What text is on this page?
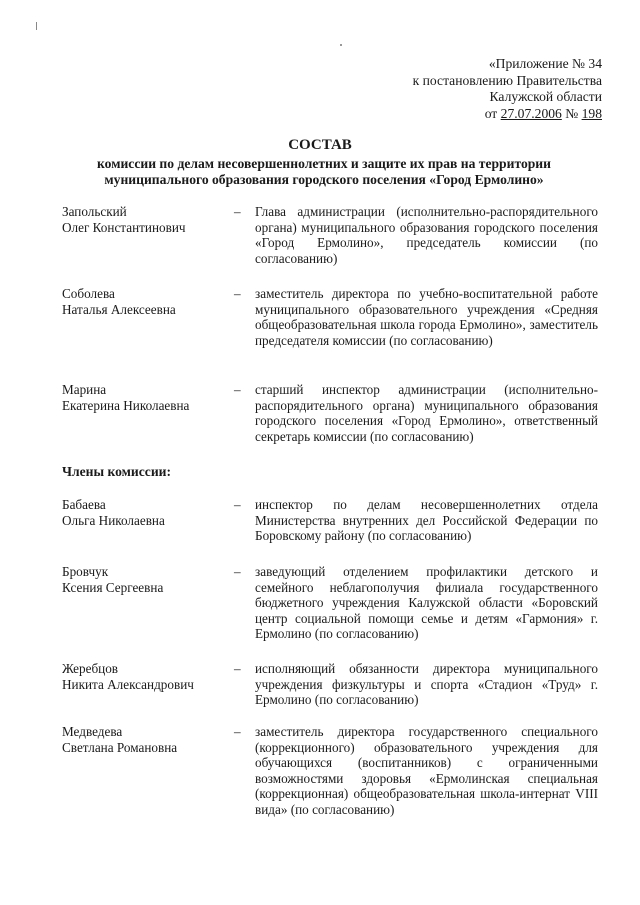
«Приложение № 34
к постановлению Правительства
Калужской области
от 27.07.2006 № 198
СОСТАВ
комиссии по делам несовершеннолетних и защите их прав на территории
муниципального образования городского поселения «Город Ермолино»
Запольский
Олег Константинович
– Глава администрации (исполнительно-распорядительного органа) муниципального образования городского поселения «Город Ермолино», председатель комиссии (по согласованию)
Соболева
Наталья Алексеевна
– заместитель директора по учебно-воспитательной работе муниципального образовательного учреждения «Средняя общеобразовательная школа города Ермолино», заместитель председателя комиссии (по согласованию)
Марина
Екатерина Николаевна
– старший инспектор администрации (исполнительно-распорядительного органа) муниципального образования городского поселения «Город Ермолино», ответственный секретарь комиссии (по согласованию)
Члены комиссии:
Бабаева
Ольга Николаевна
– инспектор по делам несовершеннолетних отдела Министерства внутренних дел Российской Федерации по Боровскому району (по согласованию)
Бровчук
Ксения Сергеевна
– заведующий отделением профилактики детского и семейного неблагополучия филиала государственного бюджетного учреждения Калужской области «Боровский центр социальной помощи семье и детям «Гармония» г. Ермолино (по согласованию)
Жеребцов
Никита Александрович
– исполняющий обязанности директора муниципального учреждения физкультуры и спорта «Стадион «Труд» г. Ермолино (по согласованию)
Медведева
Светлана Романовна
– заместитель директора государственного специального (коррекционного) образовательного учреждения для обучающихся (воспитанников) с ограниченными возможностями здоровья «Ермолинская специальная (коррекционная) общеобразовательная школа-интернат VIII вида» (по согласованию)
